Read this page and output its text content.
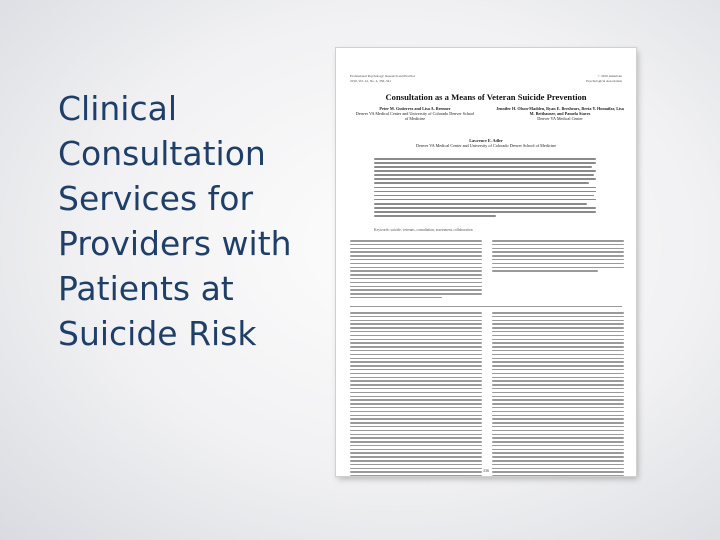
Clinical
Consultation
Services for
Providers with
Patients at
Suicide Risk
Professional Psychology: Research and Practice
2010, Vol. 41, No. 4, 336–341
© 2010 American
Psychological Association
Consultation as a Means of Veteran Suicide Prevention
Peter M. Gutierrez and Lisa A. Brenner
Denver VA Medical Center and University of Colorado Denver School of Medicine
Jennifer H. Olson-Madden, Ryan E. Breshears, Beeta Y. Homaifar, Lisa M. Betthauser, and Pamela Staves
Denver VA Medical Center
Lawrence E. Adler
Denver VA Medical Center and University of Colorado Denver School of Medicine
Keywords: suicide, veterans, consultation, assessment, collaboration
336
